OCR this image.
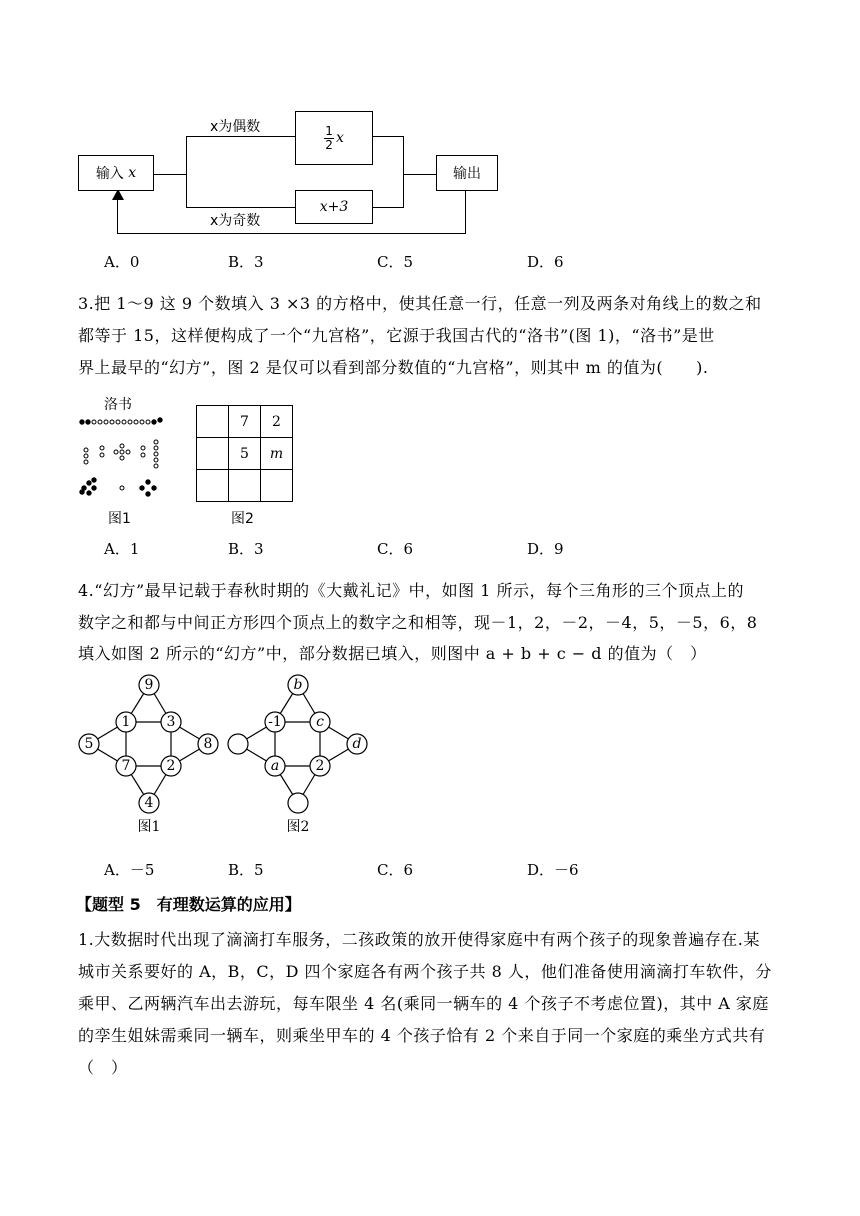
输入
x
$\frac{1}{2}$ x
x+3
输出
x为偶数
x为奇数
A．0	B．3	C．5	D．6
3.把 1～9 这 9 个数填入 3 ×3 的方格中，使其任意一行，任意一列及两条对角线上的数之和
都等于 15，这样便构成了一个“九宫格”，它源于我国古代的“洛书”(图 1)，“洛书”是世
界上最早的“幻方”，图 2 是仅可以看到部分数值的“九宫格”，则其中 m 的值为(　　).
洛书
图1
	7	2
	5	m

图2
A．1	B．3	C．6	D．9
4.“幻方”最早记载于春秋时期的《大戴礼记》中，如图 1 所示，每个三角形的三个顶点上的
数字之和都与中间正方形四个顶点上的数字之和相等，现－1，2，－2，－4，5，－5，6，8
填入如图 2 所示的“幻方”中，部分数据已填入，则图中 a + b + c − d 的值为（　）
9
1	3
5	8
7	2
4
图1
b
-1 c
d
a	2
图2
A．－5	B．5	C．6	D．－6
【题型 5　有理数运算的应用】
1.大数据时代出现了滴滴打车服务，二孩政策的放开使得家庭中有两个孩子的现象普遍存在.某
城市关系要好的 A，B，C，D 四个家庭各有两个孩子共 8 人，他们准备使用滴滴打车软件，分
乘甲、乙两辆汽车出去游玩，每车限坐 4 名(乘同一辆车的 4 个孩子不考虑位置)，其中 A 家庭
的孪生姐妹需乘同一辆车，则乘坐甲车的 4 个孩子恰有 2 个来自于同一个家庭的乘坐方式共有
（　）
